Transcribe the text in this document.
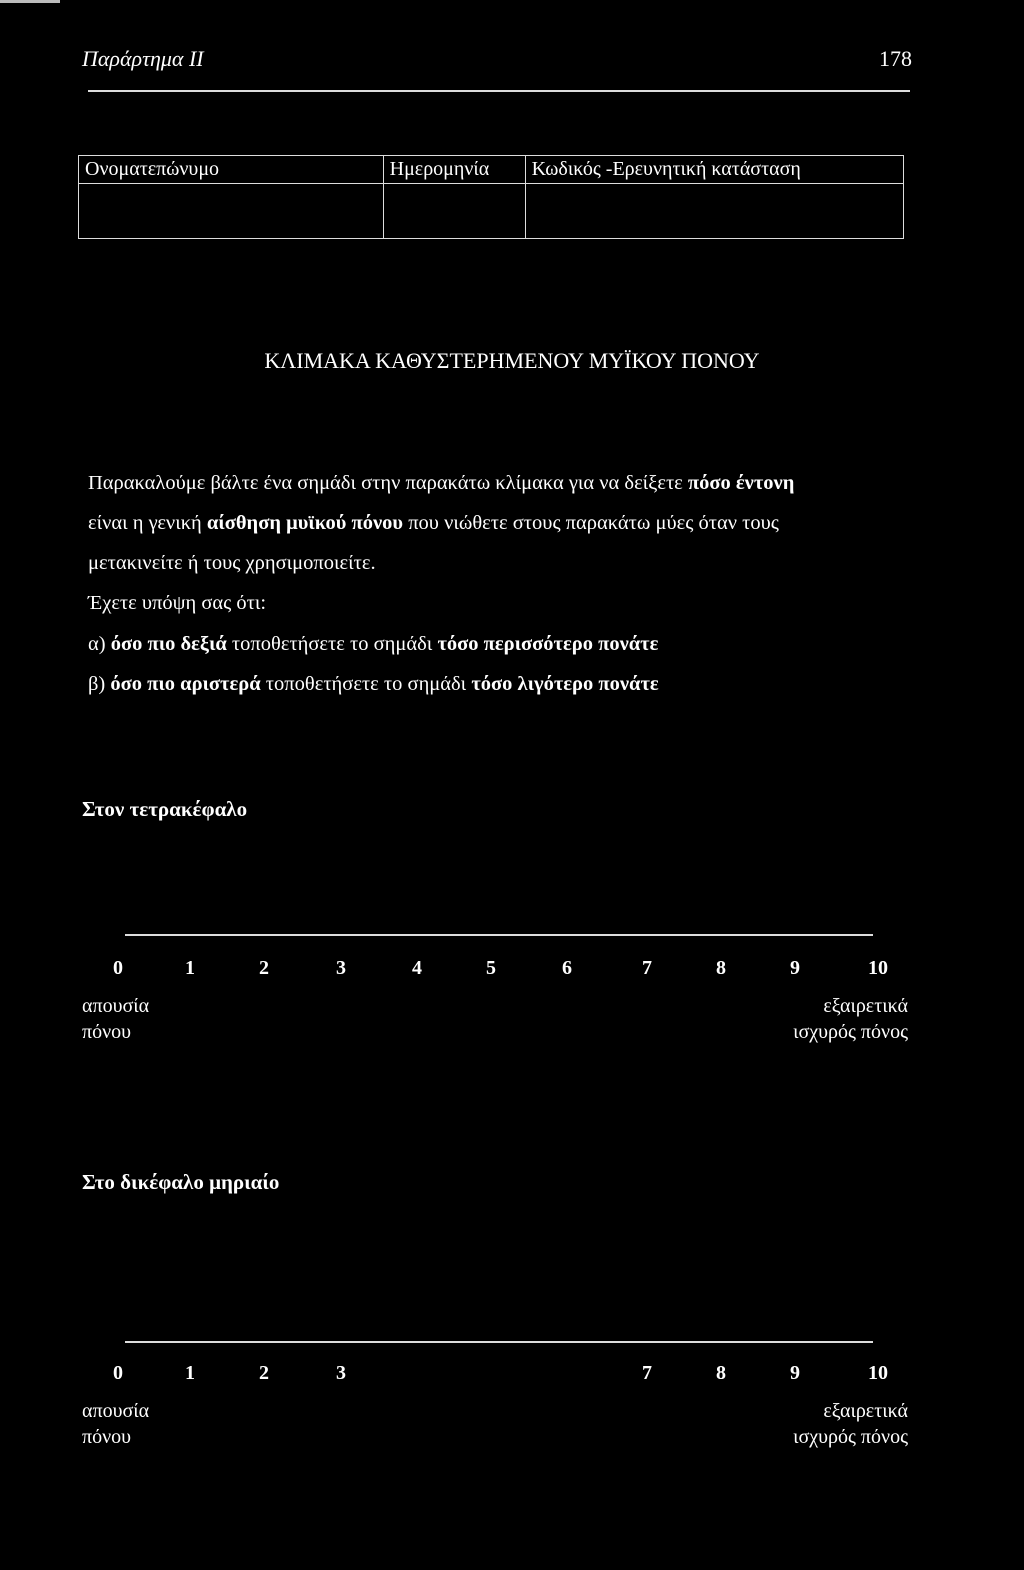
Παράρτημα II	178
Ονοματεπώνυμο	Ημερομηνία	Κωδικός -Ερευνητική κατάσταση

ΚΛΙΜΑΚΑ ΚΑΘΥΣΤΕΡΗΜΕΝΟΥ ΜΥΪΚΟΥ ΠΟΝΟΥ
Παρακαλούμε βάλτε ένα σημάδι στην παρακάτω κλίμακα για να δείξετε πόσο έντονη
είναι η γενική αίσθηση μυϊκού πόνου που νιώθετε στους παρακάτω μύες όταν τους
μετακινείτε ή τους χρησιμοποιείτε.
Έχετε υπόψη σας ότι:
α) όσο πιο δεξιά τοποθετήσετε το σημάδι τόσο περισσότερο πονάτε
β) όσο πιο αριστερά τοποθετήσετε το σημάδι τόσο λιγότερο πονάτε
Στον τετρακέφαλο
0	1	2	3	4	5	6	7	8	9	10
απουσία
πόνου
εξαιρετικά
ισχυρός πόνος
Στο δικέφαλο μηριαίο
0	1	2	3	7	8	9	10
απουσία
πόνου
εξαιρετικά
ισχυρός πόνος
